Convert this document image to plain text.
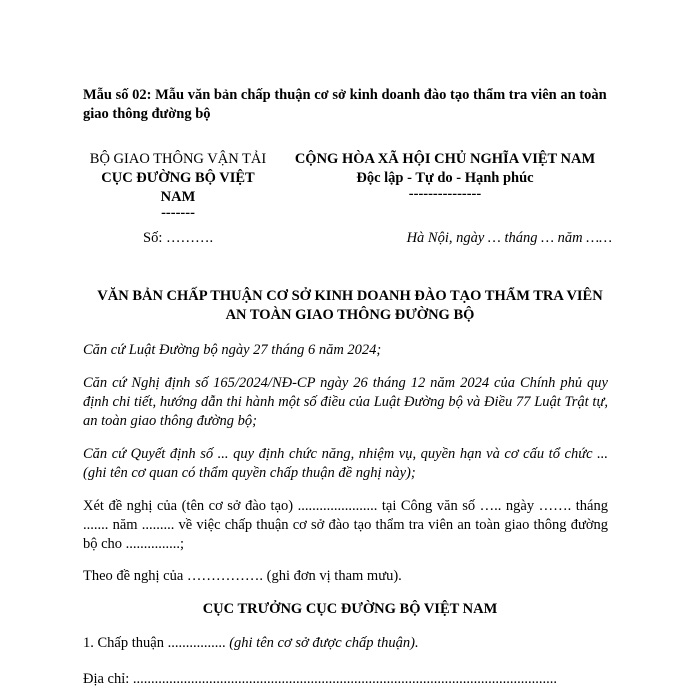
Mẫu số 02: Mẫu văn bản chấp thuận cơ sở kinh doanh đào tạo thẩm tra viên an toàn giao thông đường bộ
BỘ GIAO THÔNG VẬN TẢI
CỤC ĐƯỜNG BỘ VIỆT
NAM
-------
CỘNG HÒA XÃ HỘI CHỦ NGHĨA VIỆT NAM
Độc lập - Tự do - Hạnh phúc
---------------
Số: ……….	Hà Nội, ngày … tháng … năm ……
VĂN BẢN CHẤP THUẬN CƠ SỞ KINH DOANH ĐÀO TẠO THẨM TRA VIÊN
AN TOÀN GIAO THÔNG ĐƯỜNG BỘ
Căn cứ Luật Đường bộ ngày 27 tháng 6 năm 2024;
Căn cứ Nghị định số 165/2024/NĐ-CP ngày 26 tháng 12 năm 2024 của Chính phủ quy định chi tiết, hướng dẫn thi hành một số điều của Luật Đường bộ và Điều 77 Luật Trật tự, an toàn giao thông đường bộ;
Căn cứ Quyết định số ... quy định chức năng, nhiệm vụ, quyền hạn và cơ cấu tổ chức ... (ghi tên cơ quan có thẩm quyền chấp thuận đề nghị này);
Xét đề nghị của (tên cơ sở đào tạo) ...................... tại Công văn số ….. ngày ……. tháng ....... năm ......... về việc chấp thuận cơ sở đào tạo thẩm tra viên an toàn giao thông đường bộ cho ...............;
Theo đề nghị của ……………. (ghi đơn vị tham mưu).
CỤC TRƯỞNG CỤC ĐƯỜNG BỘ VIỆT NAM
1. Chấp thuận ................ (ghi tên cơ sở được chấp thuận).
Địa chỉ: .....................................................................................................................
